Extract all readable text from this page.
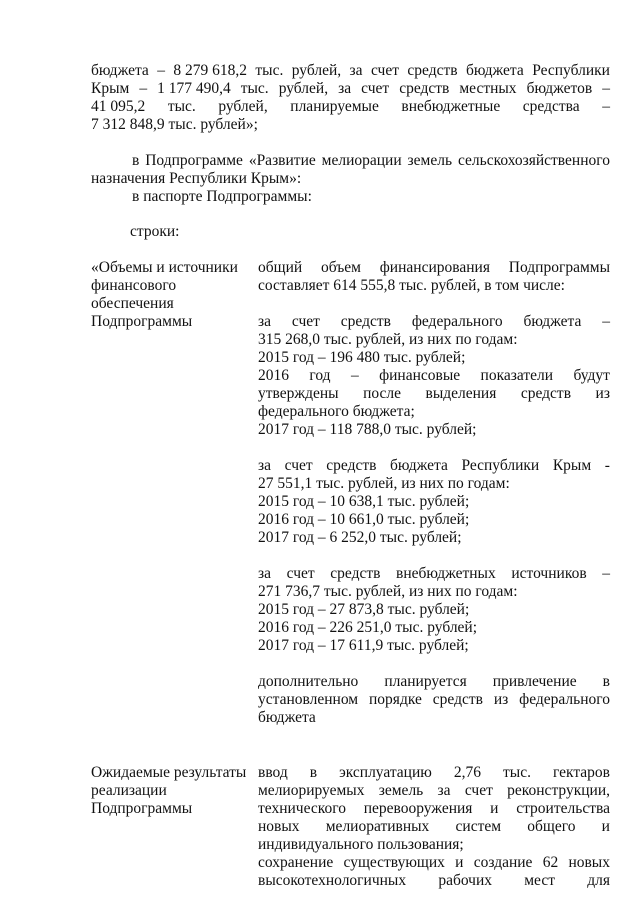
бюджета – 8 279 618,2 тыс. рублей, за счет средств бюджета Республики
Крым – 1 177 490,4 тыс. рублей, за счет средств местных бюджетов –
41 095,2 тыс. рублей, планируемые внебюджетные средства –
7 312 848,9 тыс. рублей»;
в Подпрограмме «Развитие мелиорации земель сельскохозяйственного
назначения Республики Крым»:
в паспорте Подпрограммы:
строки:
«Объемы и источники
финансового
обеспечения
Подпрограммы
общий объем финансирования Подпрограммы
составляет 614 555,8 тыс. рублей, в том числе:
за счет средств федерального бюджета –
315 268,0 тыс. рублей, из них по годам:
2015 год – 196 480 тыс. рублей;
2016 год – финансовые показатели будут
утверждены после выделения средств из
федерального бюджета;
2017 год – 118 788,0 тыс. рублей;
за счет средств бюджета Республики Крым -
27 551,1 тыс. рублей, из них по годам:
2015 год – 10 638,1 тыс. рублей;
2016 год – 10 661,0 тыс. рублей;
2017 год – 6 252,0 тыс. рублей;
за счет средств внебюджетных источников –
271 736,7 тыс. рублей, из них по годам:
2015 год – 27 873,8 тыс. рублей;
2016 год – 226 251,0 тыс. рублей;
2017 год – 17 611,9 тыс. рублей;
дополнительно планируется привлечение в
установленном порядке средств из федерального
бюджета
Ожидаемые результаты
реализации
Подпрограммы
ввод в эксплуатацию 2,76 тыс. гектаров
мелиорируемых земель за счет реконструкции,
технического перевооружения и строительства
новых мелиоративных систем общего и
индивидуального пользования;
сохранение существующих и создание 62 новых
высокотехнологичных рабочих мест для
